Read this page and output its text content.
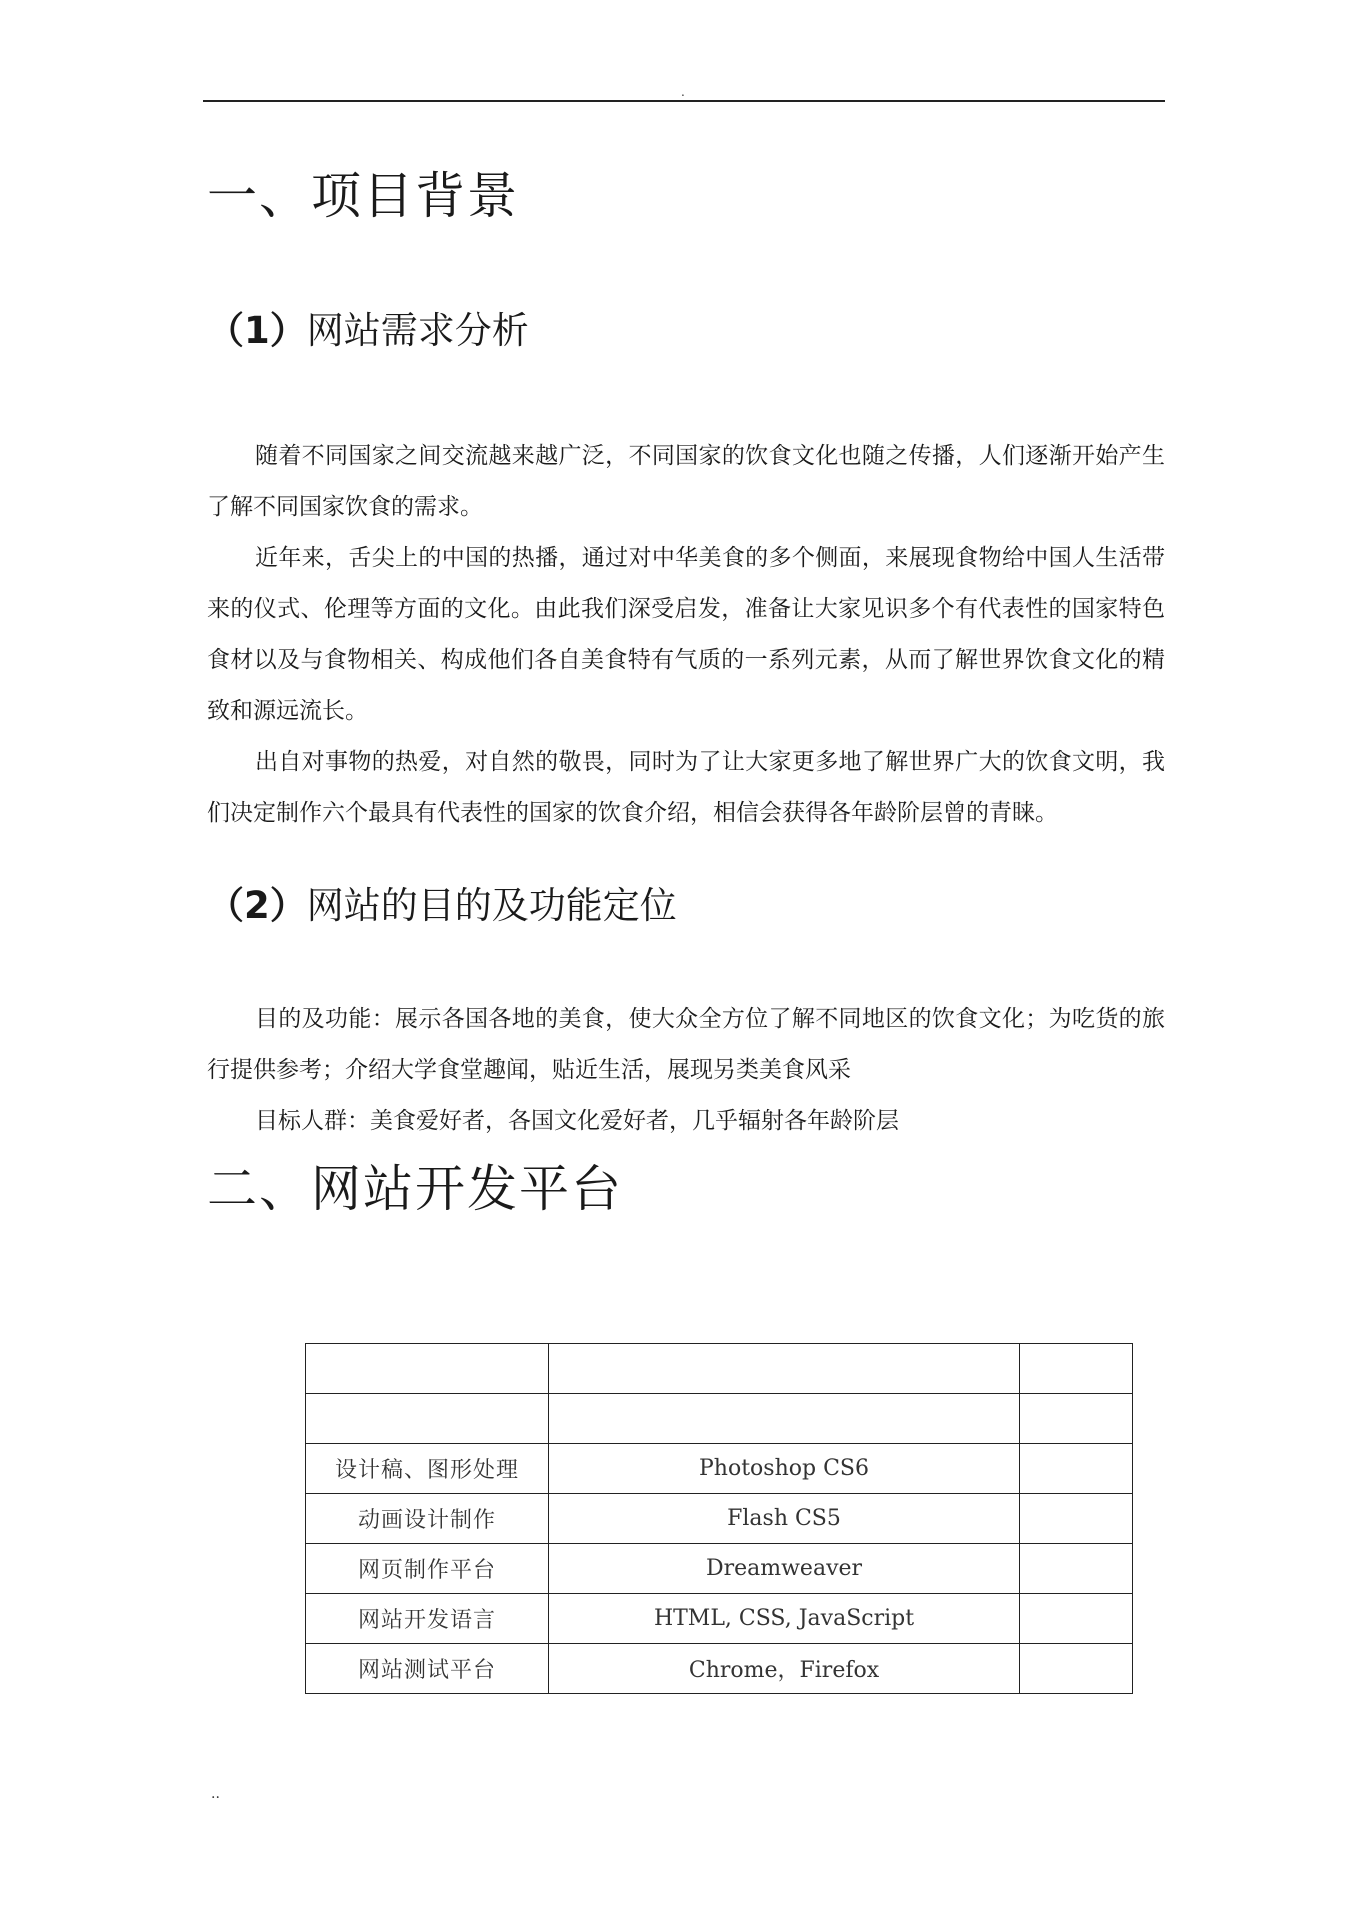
.
一、项目背景
（1）网站需求分析

随着不同国家之间交流越来越广泛，不同国家的饮食文化也随之传播，人们逐渐开始产生了解不同国家饮食的需求。

近年来，舌尖上的中国的热播，通过对中华美食的多个侧面，来展现食物给中国人生活带来的仪式、伦理等方面的文化。由此我们深受启发，准备让大家见识多个有代表性的国家特色食材以及与食物相关、构成他们各自美食特有气质的一系列元素，从而了解世界饮食文化的精致和源远流长。

出自对事物的热爱，对自然的敬畏，同时为了让大家更多地了解世界广大的饮食文明，我们决定制作六个最具有代表性的国家的饮食介绍，相信会获得各年龄阶层曾的青睐。

（2）网站的目的及功能定位

目的及功能：展示各国各地的美食，使大众全方位了解不同地区的饮食文化；为吃货的旅行提供参考；介绍大学食堂趣闻，贴近生活，展现另类美食风采

目标人群：美食爱好者，各国文化爱好者，几乎辐射各年龄阶层

二、网站开发平台

设计稿、图形处理	Photoshop CS6	
动画设计制作	Flash CS5	
网页制作平台	Dreamweaver	
网站开发语言	HTML, CSS, JavaScript	
网站测试平台	Chrome，Firefox	
..
